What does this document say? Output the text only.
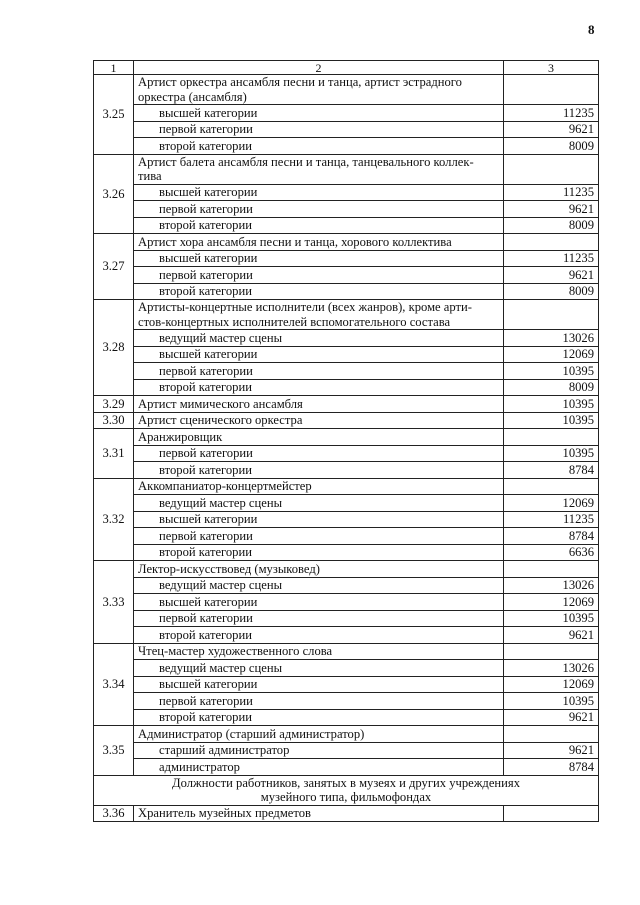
8
1	2	3
3.25	Артист оркестра ансамбля песни и танца, артист эстрадного
оркестра (ансамбля)	

	высшей категории	11235
	первой категории	9621
	второй категории	8009
3.26	Артист балета ансамбля песни и танца, танцевального коллек-
тива	

	высшей категории	11235
	первой категории	9621
	второй категории	8009
3.27	Артист хора ансамбля песни и танца, хорового коллектива	

	высшей категории	11235
	первой категории	9621
	второй категории	8009
3.28	Артисты-концертные исполнители (всех жанров), кроме арти-
стов-концертных исполнителей вспомогательного состава	

	ведущий мастер сцены	13026
	высшей категории	12069
	первой категории	10395
	второй категории	8009
3.29	Артист мимического ансамбля	10395
3.30	Артист сценического оркестра	10395
3.31	Аранжировщик	

	первой категории	10395
	второй категории	8784
3.32	Аккомпаниатор-концертмейстер	

	ведущий мастер сцены	12069
	высшей категории	11235
	первой категории	8784
	второй категории	6636
3.33	Лектор-искусствовед (музыковед)	

	ведущий мастер сцены	13026
	высшей категории	12069
	первой категории	10395
	второй категории	9621
3.34	Чтец-мастер художественного слова	

	ведущий мастер сцены	13026
	высшей категории	12069
	первой категории	10395
	второй категории	9621
3.35	Администратор (старший администратор)	

	старший администратор	9621
	администратор	8784

Должности работников, занятых в музеях и других учреждениях
музейного типа, фильмофондах		

3.36	Хранитель музейных предметов	
